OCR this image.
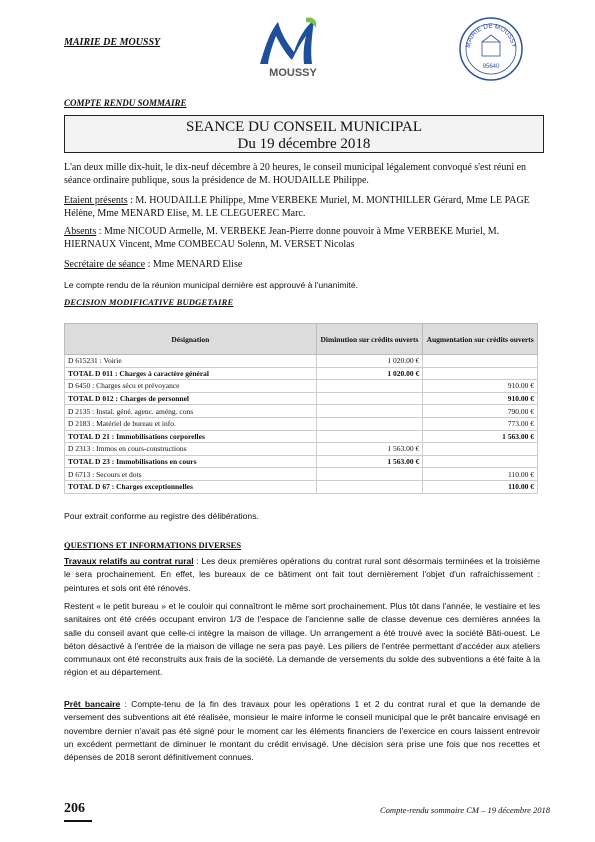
MAIRIE DE MOUSSY
MOUSSY
MAIRIE DE MOUSSY
95640
COMPTE RENDU SOMMAIRE
SEANCE DU CONSEIL MUNICIPAL
Du 19 décembre 2018
L'an deux mille dix-huit, le dix-neuf décembre à 20 heures, le conseil municipal légalement convoqué s'est réuni en séance ordinaire publique, sous la présidence de M. HOUDAILLE Philippe.
Etaient présents : M. HOUDAILLE Philippe, Mme VERBEKE Muriel, M. MONTHILLER Gérard, Mme LE PAGE Hélène, Mme MENARD Elise, M. LE CLEGUEREC Marc.
Absents : Mme NICOUD Armelle, M. VERBEKE Jean-Pierre donne pouvoir à Mme VERBEKE Muriel, M. HIERNAUX Vincent, Mme COMBECAU Solenn, M. VERSET Nicolas
Secrétaire de séance : Mme MENARD Elise
Le compte rendu de la réunion municipal dernière est approuvé à l'unanimité.
DECISION MODIFICATIVE BUDGETAIRE
Désignation	Diminution sur crédits ouverts	Augmentation sur crédits ouverts
D 615231 : Voirie	1 020.00 €	
TOTAL D 011 : Charges à caractère général	1 020.00 €	
D 6450 : Charges sécu et prévoyance		910.00 €
TOTAL D 012 : Charges de personnel		910.00 €
D 2135 : Instal. géné. agenc. améng. cons		790.00 €
D 2183 : Matériel de bureau et info.		773.00 €
TOTAL D 21 : Immobilisations corporelles		1 563.00 €
D 2313 : Immos en cours-constructions	1 563.00 €	
TOTAL D 23 : Immobilisations en cours	1 563.00 €	
D 6713 : Secours et dots		110.00 €
TOTAL D 67 : Charges exceptionnelles		110.00 €
Pour extrait conforme au registre des délibérations.
QUESTIONS ET INFORMATIONS DIVERSES
Travaux relatifs au contrat rural : Les deux premières opérations du contrat rural sont désormais terminées et la troisième le sera prochainement. En effet, les bureaux de ce bâtiment ont fait tout dernièrement l'objet d'un rafraichissement : peintures et sols ont été rénovés.
Restent « le petit bureau » et le couloir qui connaîtront le même sort prochainement. Plus tôt dans l'année, le vestiaire et les sanitaires ont été créés occupant environ 1/3 de l'espace de l'ancienne salle de classe devenue ces dernières années la salle du conseil avant que celle-ci intègre la maison de village. Un arrangement a été trouvé avec la société Bâti-ouest. Le béton désactivé à l'entrée de la maison de village ne sera pas payé. Les piliers de l'entrée permettant d'accéder aux ateliers communaux ont été reconstruits aux frais de la société. La demande de versements du solde des subventions a été faite à la région et au département.
Prêt bancaire : Compte-tenu de la fin des travaux pour les opérations 1 et 2 du contrat rural et que la demande de versement des subventions ait été réalisée, monsieur le maire informe le conseil municipal que le prêt bancaire envisagé en novembre dernier n'avait pas été signé pour le moment car les éléments financiers de l'exercice en cours laissent entrevoir un excédent permettant de diminuer le montant du crédit envisagé. Une décision sera prise une fois que nos recettes et dépenses de 2018 seront définitivement connues.
206	Compte-rendu sommaire CM – 19 décembre 2018
